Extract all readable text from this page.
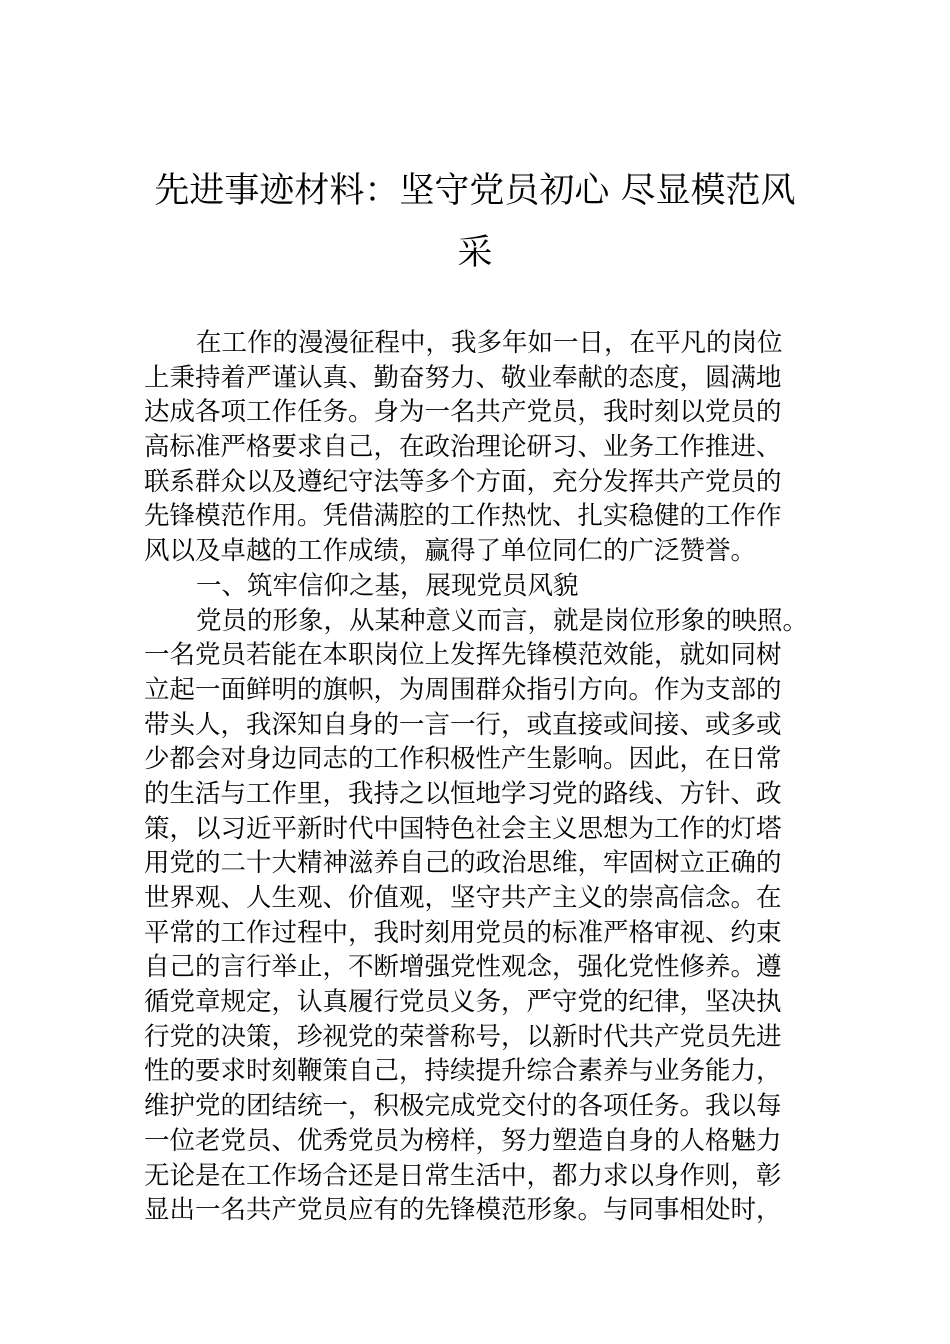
先进事迹材料：坚守党员初心 尽显模范风
采
在工作的漫漫征程中，我多年如一日，在平凡的岗位
上秉持着严谨认真、勤奋努力、敬业奉献的态度，圆满地
达成各项工作任务。身为一名共产党员，我时刻以党员的
高标准严格要求自己，在政治理论研习、业务工作推进、
联系群众以及遵纪守法等多个方面，充分发挥共产党员的
先锋模范作用。凭借满腔的工作热忱、扎实稳健的工作作
风以及卓越的工作成绩，赢得了单位同仁的广泛赞誉。
一、筑牢信仰之基，展现党员风貌
党员的形象，从某种意义而言，就是岗位形象的映照。
一名党员若能在本职岗位上发挥先锋模范效能，就如同树
立起一面鲜明的旗帜，为周围群众指引方向。作为支部的
带头人，我深知自身的一言一行，或直接或间接、或多或
少都会对身边同志的工作积极性产生影响。因此，在日常
的生活与工作里，我持之以恒地学习党的路线、方针、政
策，以习近平新时代中国特色社会主义思想为工作的灯塔
用党的二十大精神滋养自己的政治思维，牢固树立正确的
世界观、人生观、价值观，坚守共产主义的崇高信念。在
平常的工作过程中，我时刻用党员的标准严格审视、约束
自己的言行举止，不断增强党性观念，强化党性修养。遵
循党章规定，认真履行党员义务，严守党的纪律，坚决执
行党的决策，珍视党的荣誉称号，以新时代共产党员先进
性的要求时刻鞭策自己，持续提升综合素养与业务能力，
维护党的团结统一，积极完成党交付的各项任务。我以每
一位老党员、优秀党员为榜样，努力塑造自身的人格魅力
无论是在工作场合还是日常生活中，都力求以身作则，彰
显出一名共产党员应有的先锋模范形象。与同事相处时，
